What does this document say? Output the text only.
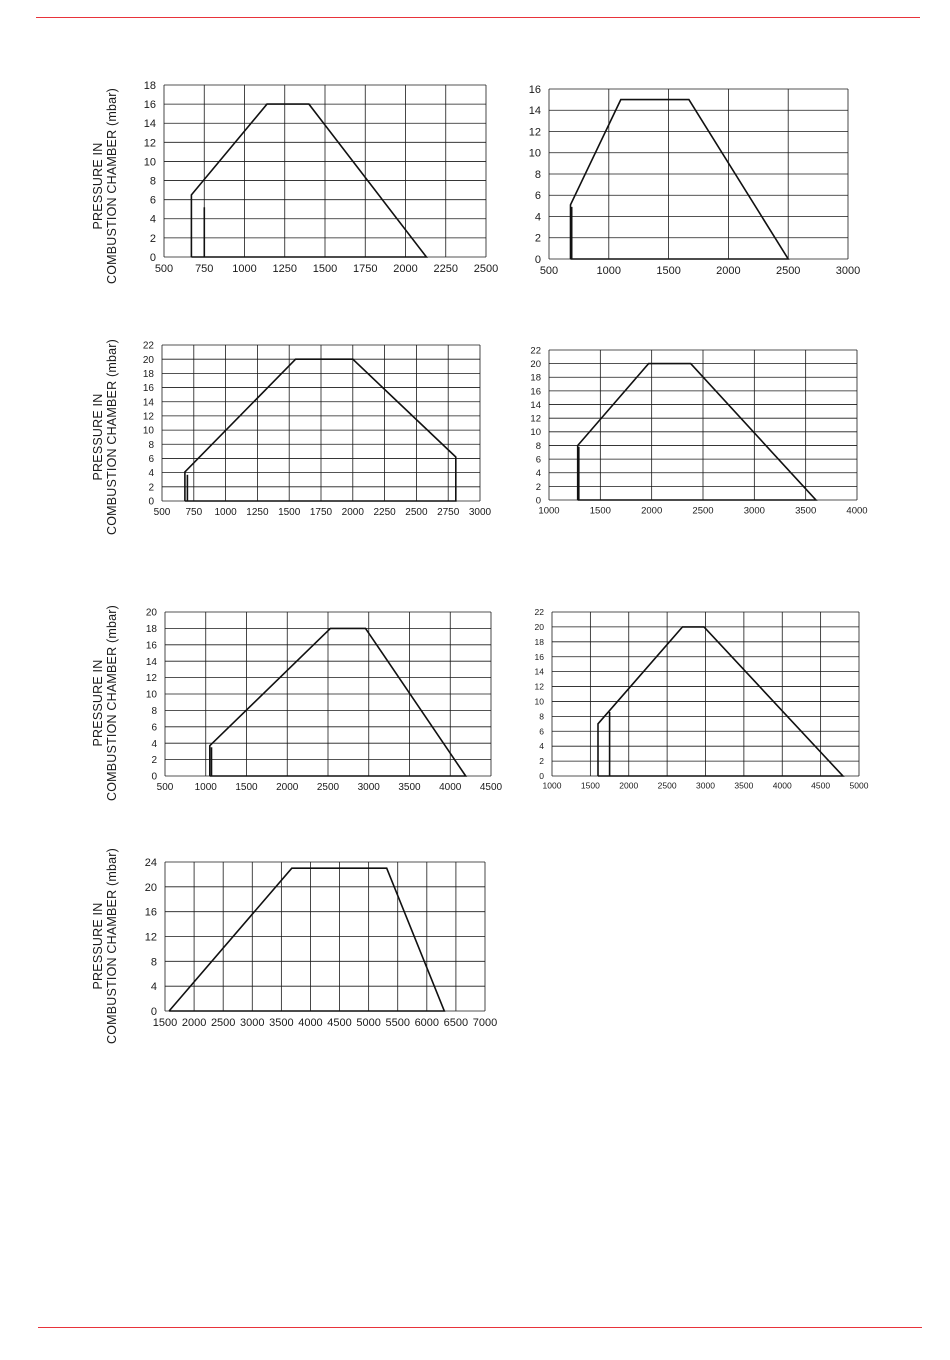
500 750 1000 1250 1500 1750 2000 2250 2500
0
2
4
6
8
10
12
14
16
18
PRESSURE IN COMBUSTION CHAMBER (mbar)	500	1000	1500	2000	2500	3000
0
2
4
6
8
10
12
14
16
500 750 1000 1250 1500 1750 2000 2250 2500 2750 3000
0
2
4
6
8
10
12
14
16
18
20
22
PRESSURE IN COMBUSTION CHAMBER (mbar)	1000	1500	2000	2500	3000	3500	4000
0
2
4
6
8
10
12
14
16
18
20
22
500 1000 1500 2000 2500 3000 3500 4000 4500
0
2
4
6
8
10
12
14
16
18
20
PRESSURE IN COMBUSTION CHAMBER (mbar)	1000 1500 2000 2500 3000 3500 4000 4500 5000
0
2
4
6
8
10
12
14
16
18
20
22
1500 2000 2500 3000 3500 4000 4500 5000 5500 6000 6500 7000
0
4
8
12
16
20
24
PRESSURE IN COMBUSTION CHAMBER (mbar)
